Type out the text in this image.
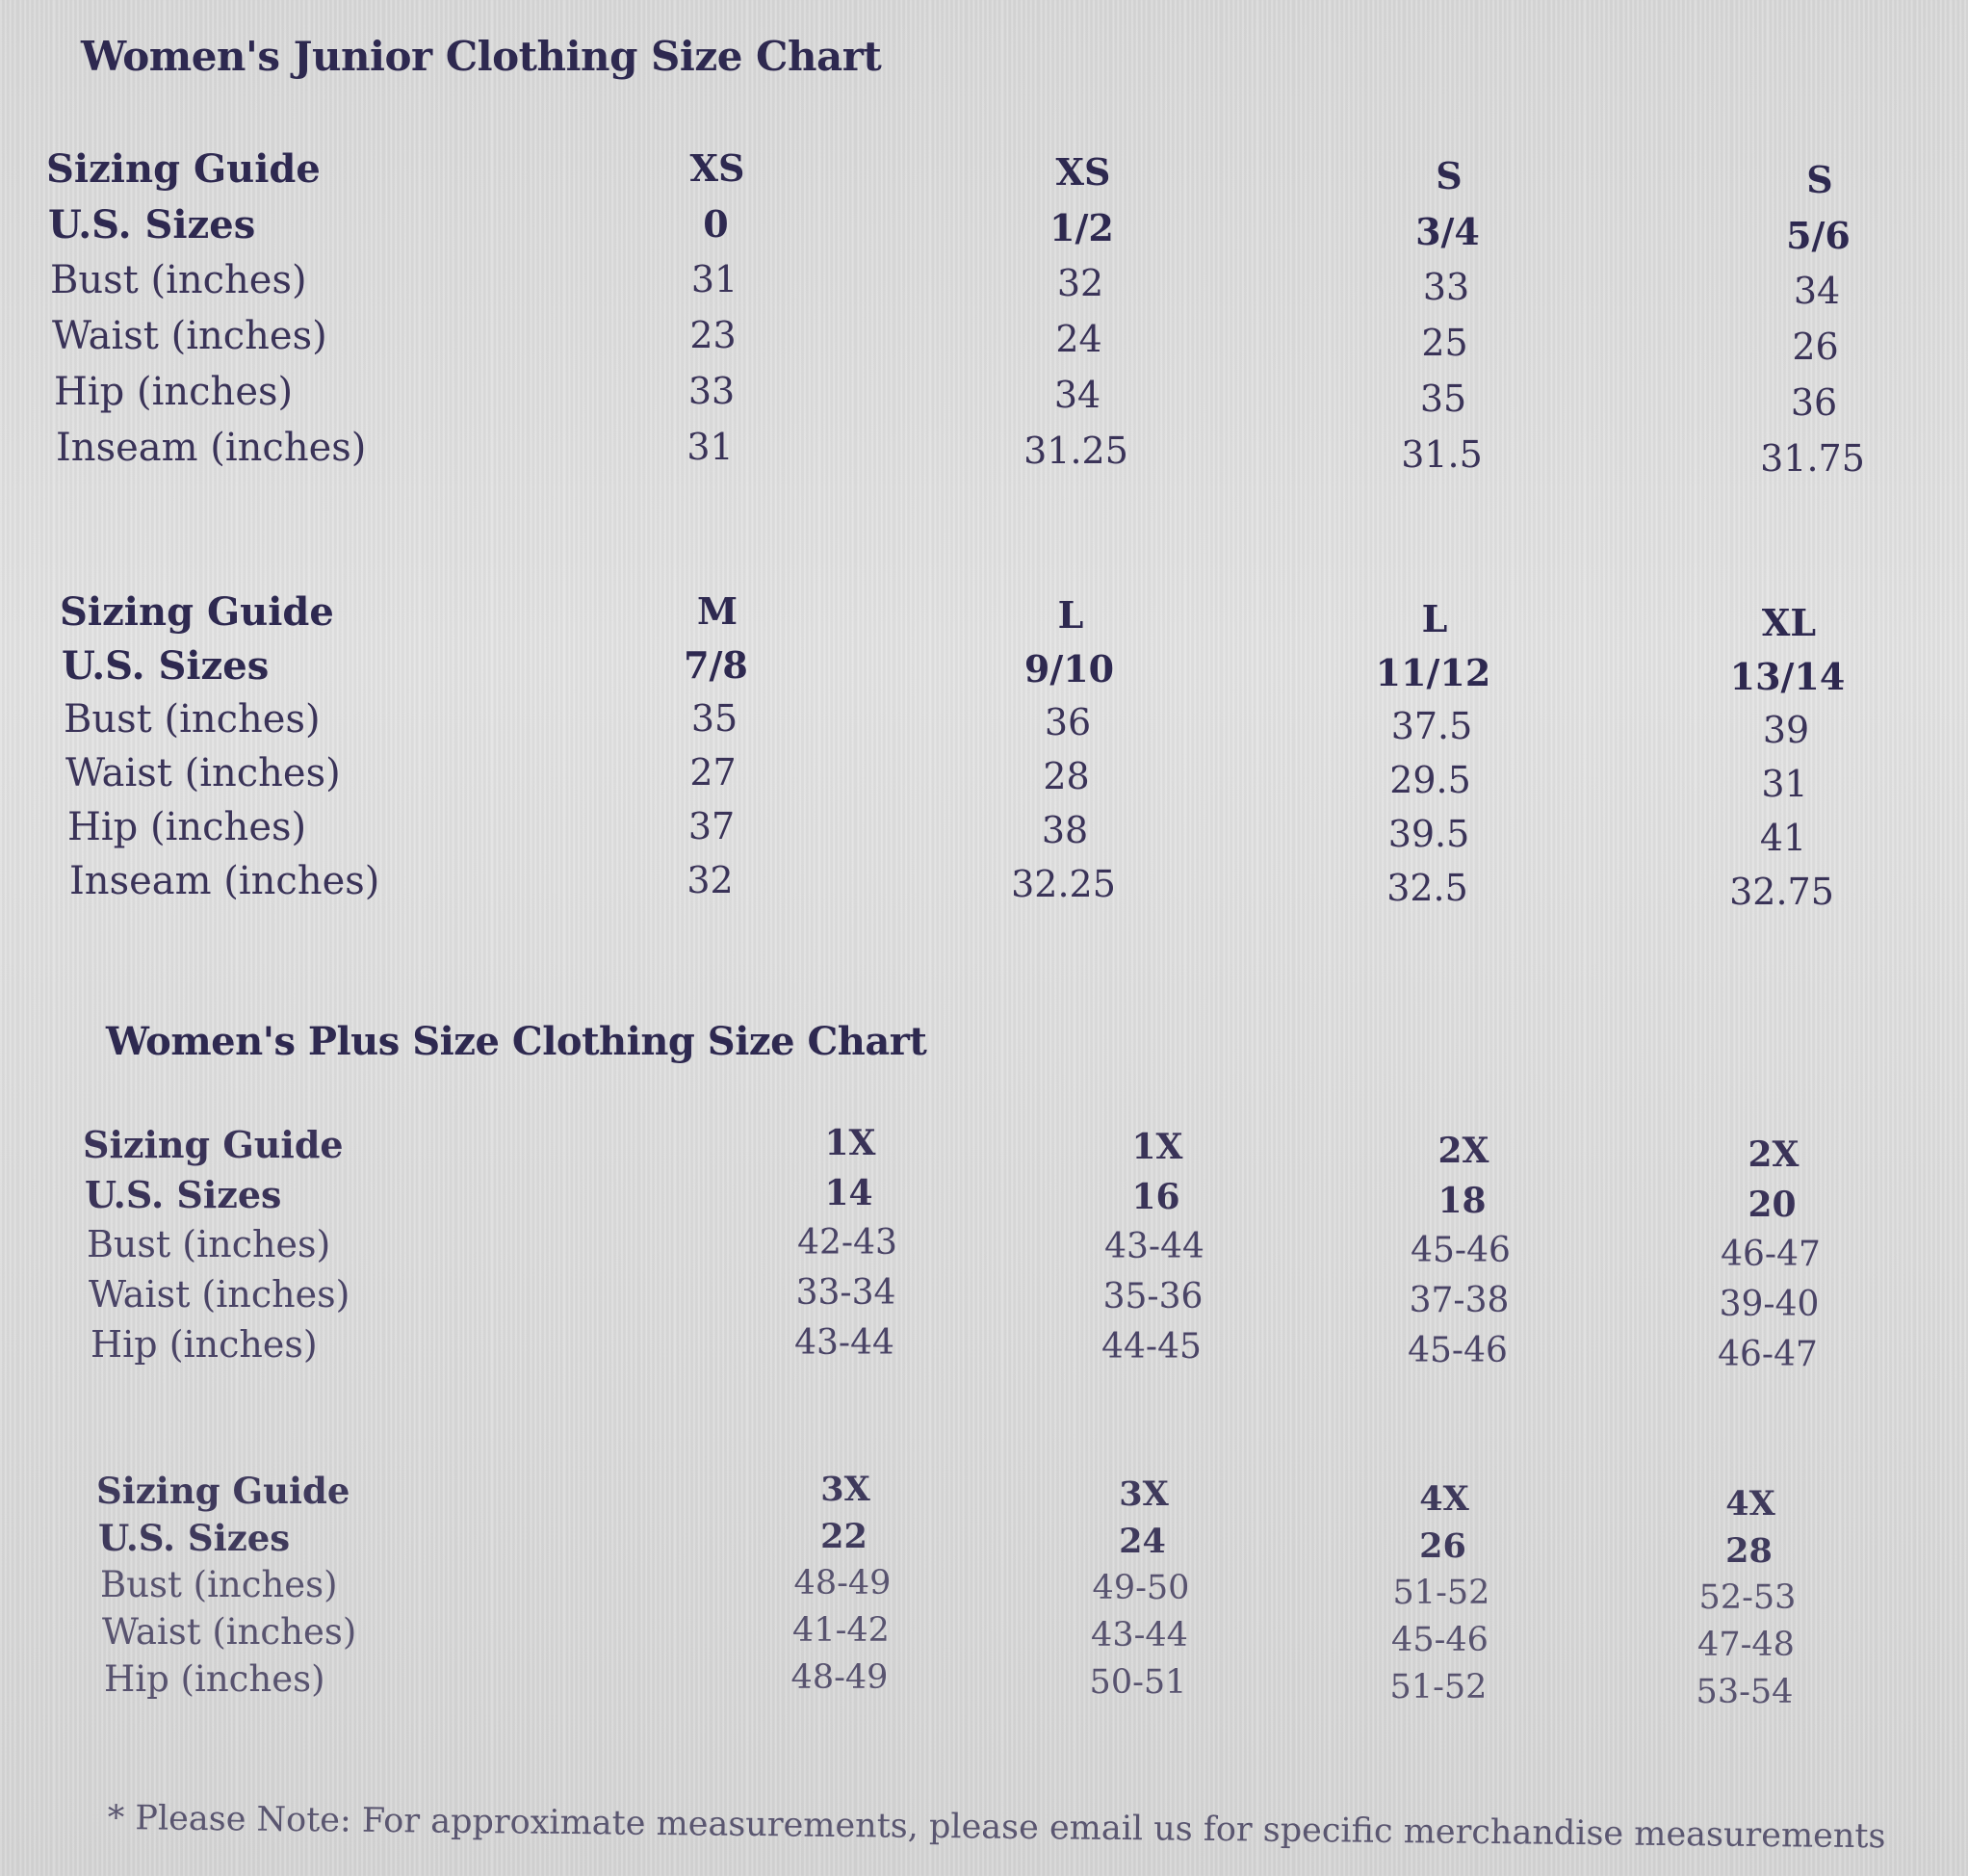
Women's Junior Clothing Size Chart
Sizing Guide	XS	XS	S	S
U.S. Sizes	0	1/2	3/4	5/6
Bust (inches)	31	32	33	34
Waist (inches)	23	24	25	26
Hip (inches)	33	34	35	36
Inseam (inches)	31	31.25	31.5	31.75
Sizing Guide	M	L	L	XL
U.S. Sizes	7/8	9/10	11/12	13/14
Bust (inches)	35	36	37.5	39
Waist (inches)	27	28	29.5	31
Hip (inches)	37	38	39.5	41
Inseam (inches)	32	32.25	32.5	32.75
Women's Plus Size Clothing Size Chart
Sizing Guide	1X	1X	2X	2X
U.S. Sizes	14	16	18	20
Bust (inches)	42-43	43-44	45-46	46-47
Waist (inches)	33-34	35-36	37-38	39-40
Hip (inches)	43-44	44-45	45-46	46-47
Sizing Guide	3X	3X	4X	4X
U.S. Sizes	22	24	26	28
Bust (inches)	48-49	49-50	51-52	52-53
Waist (inches)	41-42	43-44	45-46	47-48
Hip (inches)	48-49	50-51	51-52	53-54
* Please Note: For approximate measurements, please email us for specific merchandise measurements
